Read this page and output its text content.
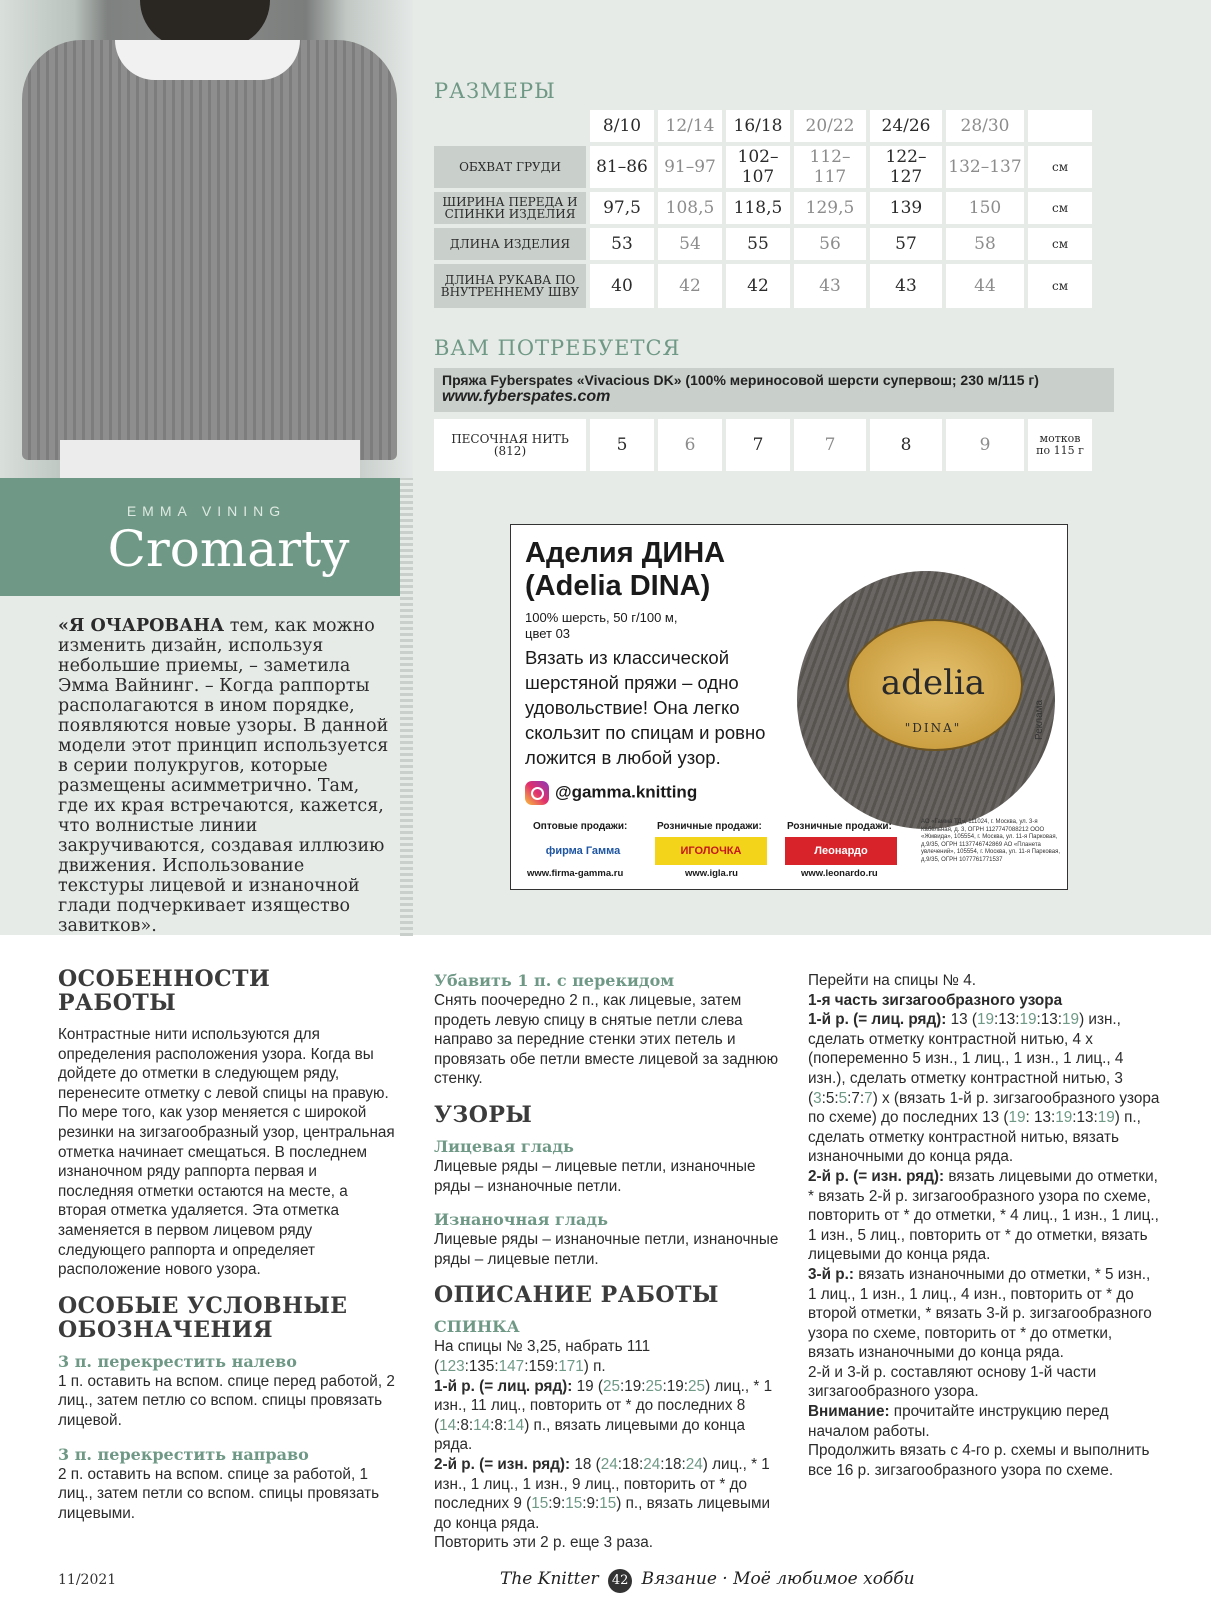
EMMA VINING
Cromarty
«Я ОЧАРОВАНА тем, как можно изменить дизайн, используя небольшие приемы, – заметила Эмма Вайнинг. – Когда раппорты располагаются в ином порядке, появляются новые узоры. В данной модели этот принцип используется в серии полукругов, которые размещены асимметрично. Там, где их края встречаются, кажется, что волнистые линии закручиваются, создавая иллюзию движения. Использование текстуры лицевой и изнаночной глади подчеркивает изящество завитков».
РАЗМЕРЫ
	8/10	12/14	16/18	20/22	24/26	28/30	
ОБХВАТ ГРУДИ	81–86	91–97	102–107	112–117	122–127	132–137	см
ШИРИНА ПЕРЕДА И СПИНКИ ИЗДЕЛИЯ	97,5	108,5	118,5	129,5	139	150	см
ДЛИНА ИЗДЕЛИЯ	53	54	55	56	57	58	см
ДЛИНА РУКАВА ПО ВНУТРЕННЕМУ ШВУ	40	42	42	43	43	44	см
ВАМ ПОТРЕБУЕТСЯ
Пряжа Fyberspates «Vivacious DK» (100% мериносовой шерсти супервош; 230 м/115 г)
www.fyberspates.com
ПЕСОЧНАЯ НИТЬ
(812)	5	6	7	7	8	9	мотков
по 115 г
Аделия ДИНА
(Adelia DINA)
100% шерсть, 50 г/100 м,
цвет 03
Вязать из классической шерстяной пряжи – одно удовольствие! Она легко скользит по спицам и ровно ложится в любой узор.
@gamma.knitting
adelia
"DINA"	Реклама
Оптовые продажи:	Розничные продажи:	Розничные продажи:
фирма Гамма	ИГОЛОЧКА	Леонардо
www.firma-gamma.ru	www.igla.ru	www.leonardo.ru
АО «Гамма ТД», 111024, г. Москва, ул. 3-я Кабельная, д. 3, ОГРН 1127747088212 ООО «Жмвида», 105554, г. Москва, ул. 11-я Парковая, д.9/35, ОГРН 1137746742869 АО «Планета увлечений», 105554, г. Москва, ул. 11-я Парковая, д.9/35, ОГРН 1077761771537
ОСОБЕННОСТИ РАБОТЫ

Контрастные нити используются для определения расположения узора. Когда вы дойдете до отметки в следующем ряду, перенесите отметку с левой спицы на правую. По мере того, как узор меняется с широкой резинки на зигзагообразный узор, центральная отметка начинает смещаться. В последнем изнаночном ряду раппорта первая и последняя отметки остаются на месте, а вторая отметка удаляется. Эта отметка заменяется в первом лицевом ряду следующего раппорта и определяет расположение нового узора.

ОСОБЫЕ УСЛОВНЫЕ ОБОЗНАЧЕНИЯ

3 п. перекрестить налево

1 п. оставить на вспом. спице перед работой, 2 лиц., затем петлю со вспом. спицы провязать лицевой.

3 п. перекрестить направо

2 п. оставить на вспом. спице за работой, 1 лиц., затем петли со вспом. спицы провязать лицевыми.

Убавить 1 п. с перекидом

Снять поочередно 2 п., как лицевые, затем продеть левую спицу в снятые петли слева направо за передние стенки этих петель и провязать обе петли вместе лицевой за заднюю стенку.

УЗОРЫ

Лицевая гладь

Лицевые ряды – лицевые петли, изнаночные ряды – изнаночные петли.

Изнаночная гладь

Лицевые ряды – изнаночные петли, изнаночные ряды – лицевые петли.

ОПИСАНИЕ РАБОТЫ

СПИНКА

На спицы № 3,25, набрать 111 (123:135:147:159:171) п.

1-й р. (= лиц. ряд): 19 (25:19:25:19:25) лиц., * 1 изн., 11 лиц., повторить от * до последних 8 (14:8:14:8:14) п., вязать лицевыми до конца ряда.

2-й р. (= изн. ряд): 18 (24:18:24:18:24) лиц., * 1 изн., 1 лиц., 1 изн., 9 лиц., повторить от * до последних 9 (15:9:15:9:15) п., вязать лицевыми до конца ряда.

Повторить эти 2 р. еще 3 раза.

Перейти на спицы № 4.

1-я часть зигзагообразного узора

1-й р. (= лиц. ряд): 13 (19:13:19:13:19) изн., сделать отметку контрастной нитью, 4 х (попеременно 5 изн., 1 лиц., 1 изн., 1 лиц., 4 изн.), сделать отметку контрастной нитью, 3 (3:5:5:7:7) х (вязать 1-й р. зигзагообразного узора по схеме) до последних 13 (19: 13:19:13:19) п., сделать отметку контрастной нитью, вязать изнаночными до конца ряда.

2-й р. (= изн. ряд): вязать лицевыми до отметки, * вязать 2-й р. зигзагообразного узора по схеме, повторить от * до отметки, * 4 лиц., 1 изн., 1 лиц., 1 изн., 5 лиц., повторить от * до отметки, вязать лицевыми до конца ряда.

3-й р.: вязать изнаночными до отметки, * 5 изн., 1 лиц., 1 изн., 1 лиц., 4 изн., повторить от * до второй отметки, * вязать 3-й р. зигзагообразного узора по схеме, повторить от * до отметки, вязать изнаночными до конца ряда.

2-й и 3-й р. составляют основу 1-й части зигзагообразного узора.

Внимание: прочитайте инструкцию перед началом работы.

Продолжить вязать с 4-го р. схемы и выполнить все 16 р. зигзагообразного узора по схеме.

11/2021	The Knitter 42 Вязание · Моё любимое хобби
